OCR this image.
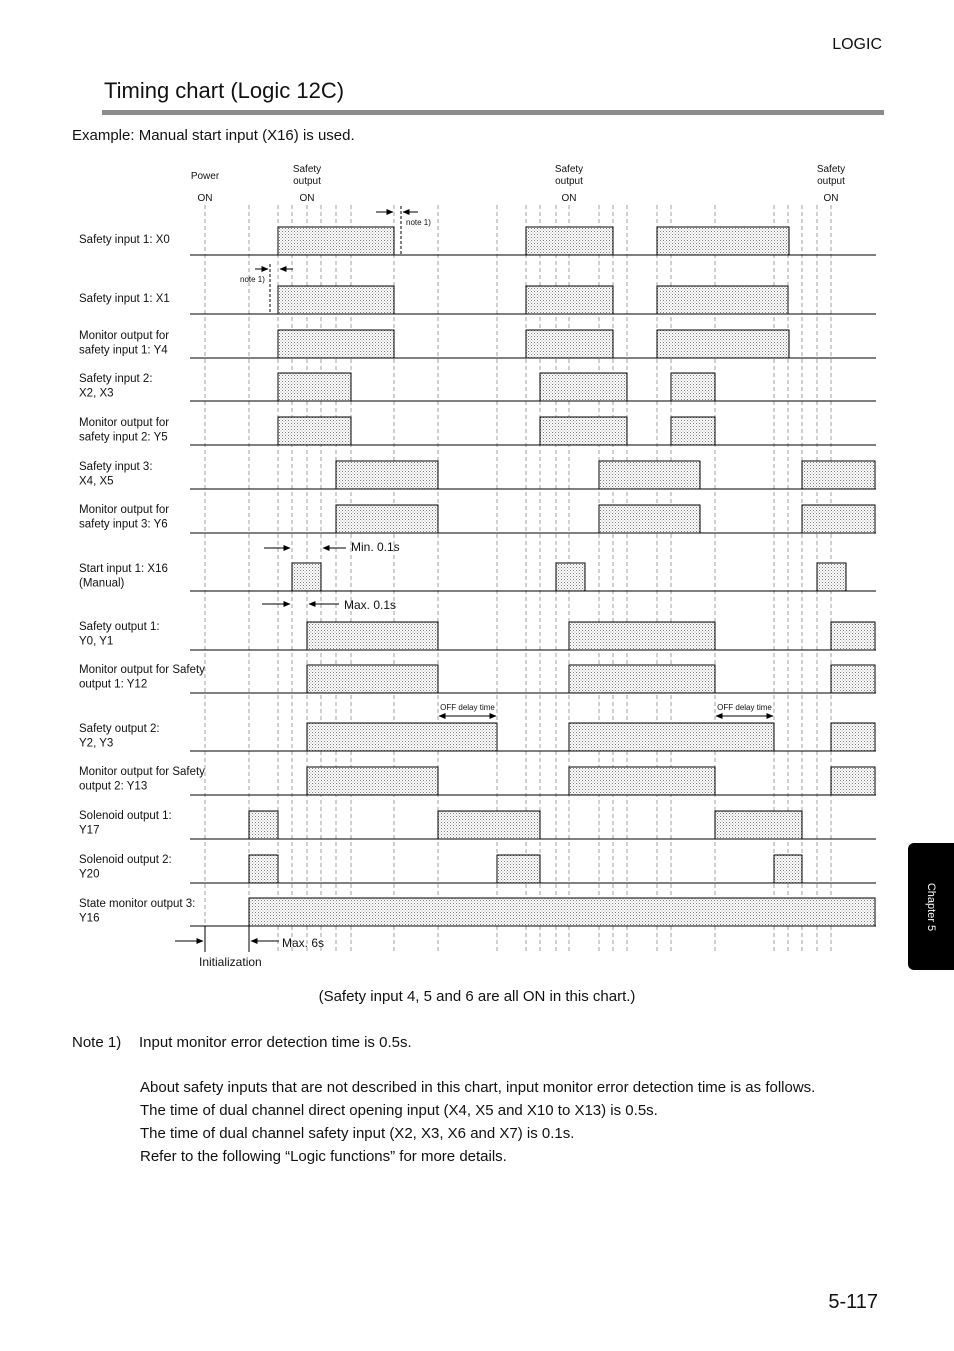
LOGIC
Timing chart (Logic 12C)
Example: Manual start input (X16) is used.
Safety input 1: X0
Safety input 1: X1
Monitor output for
safety input 1: Y4
Safety input 2:
X2, X3
Monitor output for
safety input 2: Y5
Safety input 3:
X4, X5
Monitor output for
safety input 3: Y6
Start input 1: X16
(Manual)
Safety output 1:
Y0, Y1
Monitor output for Safety
output 1: Y12
Safety output 2:
Y2, Y3
Monitor output for Safety
output 2: Y13
Solenoid output 1:
Y17
Solenoid output 2:
Y20
State monitor output 3:
Y16
Power
ON
Safety
output
ON
Safety
output
ON
Safety
output
ON
note 1)
note 1)
Min. 0.1s
Max. 0.1s
OFF delay time	OFF delay time
Max. 6s
Initialization
(Safety input 4, 5 and 6 are all ON in this chart.)
Note 1) Input monitor error detection time is 0.5s.
About safety inputs that are not described in this chart, input monitor error detection time is as follows.
The time of dual channel direct opening input (X4, X5 and X10 to X13) is 0.5s.
The time of dual channel safety input (X2, X3, X6 and X7) is 0.1s.
Refer to the following “Logic functions” for more details.
Chapter 5
5-117
